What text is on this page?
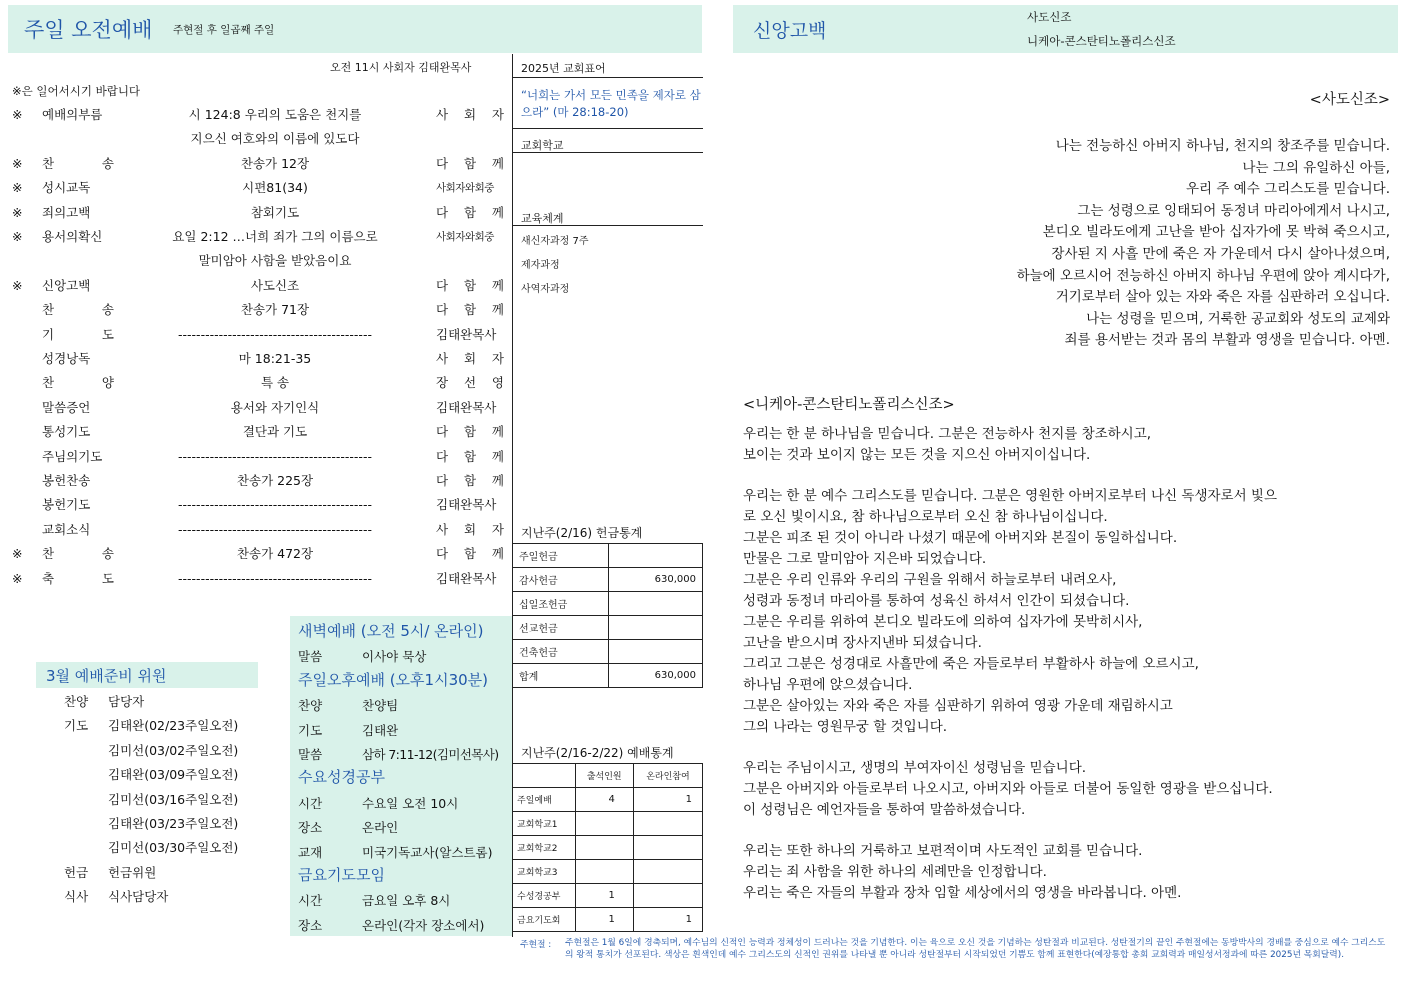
주일 오전예배 주현절 후 일곱째 주일	신앙고백
사도신조
니케아-콘스탄티노폴리스신조
오전 11시 사회자 김태완목사
※은 일어서시기 바랍니다
※ 예배의부름	시 124:8 우리의 도움은 천지를	사 회 자
지으신 여호와의 이름에 있도다
※ 찬 송	찬송가 12장	다 함 께
※ 성시교독	시편81(34)	사회자와회중
※ 죄의고백	참회기도	다 함 께
※ 용서의확신	요일 2:12 …너희 죄가 그의 이름으로	사회자와회중
말미암아 사함을 받았음이요
※ 신앙고백	사도신조	다 함 께
찬 송	찬송가 71장	다 함 께
기 도	-------------------------------------------	김태완목사
성경낭독	마 18:21-35	사 회 자
찬 양	특 송	장 선 영
말씀증언	용서와 자기인식	김태완목사
통성기도	결단과 기도	다 함 께
주님의기도	-------------------------------------------	다 함 께
봉헌찬송	찬송가 225장	다 함 께
봉헌기도	-------------------------------------------	김태완목사
교회소식	-------------------------------------------	사 회 자
※ 찬 송	찬송가 472장	다 함 께
※ 축 도	-------------------------------------------	김태완목사
2025년 교회표어
“너희는 가서 모든 민족을 제자로 삼으라” (마 28:18-20)
교회학교
교육체계
새신자과정 7주
제자과정
사역자과정
지난주(2/16) 헌금통계
주일헌금	
감사헌금	630,000
십일조헌금	
선교헌금	
건축헌금	
합계	630,000
지난주(2/16-2/22) 예배통계
	출석인원	온라인참여
주일예배	4	1
교회학교1		
교회학교2		
교회학교3		
수성경공부	1	
금요기도회	1	1
3월 예배준비 위원
찬양 담당자
기도 김태완(02/23주일오전)
김미선(03/02주일오전)
김태완(03/09주일오전)
김미선(03/16주일오전)
김태완(03/23주일오전)
김미선(03/30주일오전)
헌금 헌금위원
식사 식사담당자
새벽예배 (오전 5시/ 온라인)
말씀	이사야 묵상
주일오후예배 (오후1시30분)
찬양	찬양팀
기도	김태완
말씀	삼하 7:11-12(김미선목사)
수요성경공부
시간	수요일 오전 10시
장소	온라인
교재	미국기독교사(알스트롬)
금요기도모임
시간	금요일 오후 8시
장소	온라인(각자 장소에서)
주현절 : 주현절은 1월 6일에 경축되며, 예수님의 신적인 능력과 정체성이 드러나는 것을 기념한다. 이는 육으로 오신 것을 기념하는 성탄절과 비교된다. 성탄절기의 끝인 주현절에는 동방박사의 경배를 중심으로 예수 그리스도의 왕적 통치가 선포된다. 색상은 흰색인데 예수 그리스도의 신적인 권위를 나타낼 뿐 아니라 성탄절부터 시작되었던 기쁨도 함께 표현한다(예장통합 총회 교회력과 매일성서정과에 따른 2025년 목회달력).
<사도신조>
나는 전능하신 아버지 하나님, 천지의 창조주를 믿습니다.
나는 그의 유일하신 아들,
우리 주 예수 그리스도를 믿습니다.
그는 성령으로 잉태되어 동정녀 마리아에게서 나시고,
본디오 빌라도에게 고난을 받아 십자가에 못 박혀 죽으시고,
장사된 지 사흘 만에 죽은 자 가운데서 다시 살아나셨으며,
하늘에 오르시어 전능하신 아버지 하나님 우편에 앉아 계시다가,
거기로부터 살아 있는 자와 죽은 자를 심판하러 오십니다.
나는 성령을 믿으며, 거룩한 공교회와 성도의 교제와
죄를 용서받는 것과 몸의 부활과 영생을 믿습니다. 아멘.
<니케아-콘스탄티노폴리스신조>
우리는 한 분 하나님을 믿습니다. 그분은 전능하사 천지를 창조하시고,
보이는 것과 보이지 않는 모든 것을 지으신 아버지이십니다.
우리는 한 분 예수 그리스도를 믿습니다. 그분은 영원한 아버지로부터 나신 독생자로서 빛으
로 오신 빛이시요, 참 하나님으로부터 오신 참 하나님이십니다.
그분은 피조 된 것이 아니라 나셨기 때문에 아버지와 본질이 동일하십니다.
만물은 그로 말미암아 지은바 되었습니다.
그분은 우리 인류와 우리의 구원을 위해서 하늘로부터 내려오사,
성령과 동정녀 마리아를 통하여 성육신 하셔서 인간이 되셨습니다.
그분은 우리를 위하여 본디오 빌라도에 의하여 십자가에 못박히시사,
고난을 받으시며 장사지낸바 되셨습니다.
그리고 그분은 성경대로 사흘만에 죽은 자들로부터 부활하사 하늘에 오르시고,
하나님 우편에 앉으셨습니다.
그분은 살아있는 자와 죽은 자를 심판하기 위하여 영광 가운데 재림하시고
그의 나라는 영원무궁 할 것입니다.
우리는 주님이시고, 생명의 부여자이신 성령님을 믿습니다.
그분은 아버지와 아들로부터 나오시고, 아버지와 아들로 더불어 동일한 영광을 받으십니다.
이 성령님은 예언자들을 통하여 말씀하셨습니다.
우리는 또한 하나의 거룩하고 보편적이며 사도적인 교회를 믿습니다.
우리는 죄 사함을 위한 하나의 세례만을 인정합니다.
우리는 죽은 자들의 부활과 장차 임할 세상에서의 영생을 바라봅니다. 아멘.
